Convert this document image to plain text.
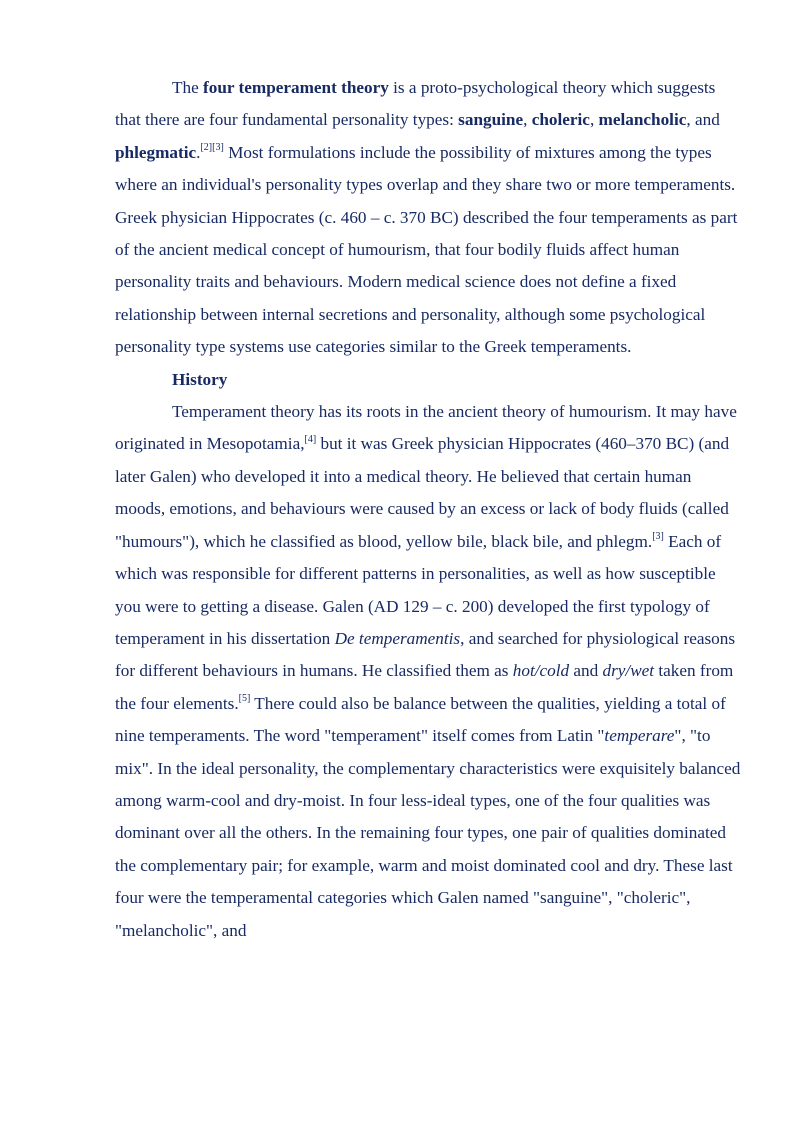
The four temperament theory is a proto-psychological theory which suggests that there are four fundamental personality types: sanguine, choleric, melancholic, and phlegmatic.[2][3] Most formulations include the possibility of mixtures among the types where an individual's personality types overlap and they share two or more temperaments. Greek physician Hippocrates (c. 460 – c. 370 BC) described the four temperaments as part of the ancient medical concept of humourism, that four bodily fluids affect human personality traits and behaviours. Modern medical science does not define a fixed relationship between internal secretions and personality, although some psychological personality type systems use categories similar to the Greek temperaments.

History

Temperament theory has its roots in the ancient theory of humourism. It may have originated in Mesopotamia,[4] but it was Greek physician Hippocrates (460–370 BC) (and later Galen) who developed it into a medical theory. He believed that certain human moods, emotions, and behaviours were caused by an excess or lack of body fluids (called "humours"), which he classified as blood, yellow bile, black bile, and phlegm.[3] Each of which was responsible for different patterns in personalities, as well as how susceptible you were to getting a disease. Galen (AD 129 – c. 200) developed the first typology of temperament in his dissertation De temperamentis, and searched for physiological reasons for different behaviours in humans. He classified them as hot/cold and dry/wet taken from the four elements.[5] There could also be balance between the qualities, yielding a total of nine temperaments. The word "temperament" itself comes from Latin "temperare", "to mix". In the ideal personality, the complementary characteristics were exquisitely balanced among warm-cool and dry-moist. In four less-ideal types, one of the four qualities was dominant over all the others. In the remaining four types, one pair of qualities dominated the complementary pair; for example, warm and moist dominated cool and dry. These last four were the temperamental categories which Galen named "sanguine", "choleric", "melancholic", and
